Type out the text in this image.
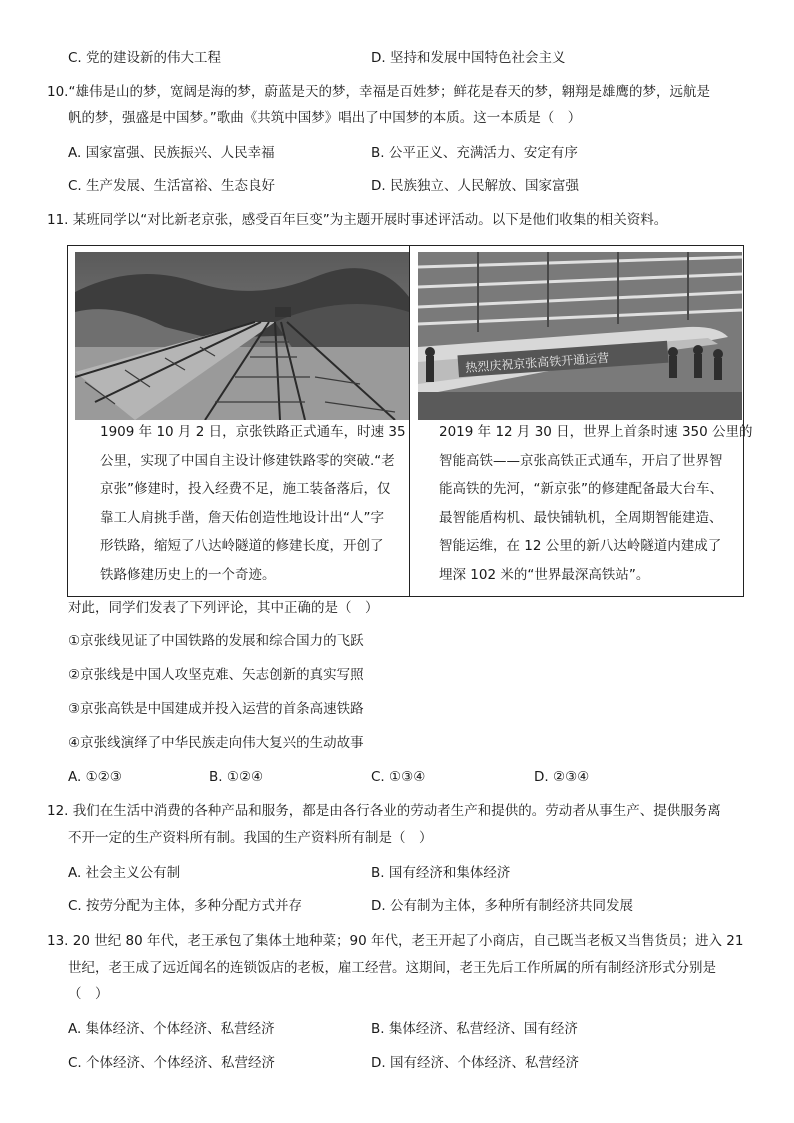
C. 党的建设新的伟大工程	D. 坚持和发展中国特色社会主义
10.“雄伟是山的梦，宽阔是海的梦，蔚蓝是天的梦，幸福是百姓梦；鲜花是春天的梦，翱翔是雄鹰的梦，远航是
帆的梦，强盛是中国梦。”歌曲《共筑中国梦》唱出了中国梦的本质。这一本质是（　）
A. 国家富强、民族振兴、人民幸福	B. 公平正义、充满活力、安定有序
C. 生产发展、生活富裕、生态良好	D. 民族独立、人民解放、国家富强
11. 某班同学以“对比新老京张，感受百年巨变”为主题开展时事述评活动。以下是他们收集的相关资料。
热烈庆祝京张高铁开通运营
1909 年 10 月 2 日，京张铁路正式通车，时速 35
公里，实现了中国自主设计修建铁路零的突破.“老
京张”修建时，投入经费不足，施工装备落后，仅
靠工人肩挑手凿，詹天佑创造性地设计出“人”字
形铁路，缩短了八达岭隧道的修建长度，开创了
铁路修建历史上的一个奇迹。
2019 年 12 月 30 日，世界上首条时速 350 公里的
智能高铁——京张高铁正式通车，开启了世界智
能高铁的先河，“新京张”的修建配备最大台车、
最智能盾构机、最快铺轨机，全周期智能建造、
智能运维，在 12 公里的新八达岭隧道内建成了
埋深 102 米的“世界最深高铁站”。
对此，同学们发表了下列评论，其中正确的是（　）
①京张线见证了中国铁路的发展和综合国力的飞跃
②京张线是中国人攻坚克难、矢志创新的真实写照
③京张高铁是中国建成并投入运营的首条高速铁路
④京张线演绎了中华民族走向伟大复兴的生动故事
A. ①②③	B. ①②④	C. ①③④	D. ②③④
12. 我们在生活中消费的各种产品和服务，都是由各行各业的劳动者生产和提供的。劳动者从事生产、提供服务离
不开一定的生产资料所有制。我国的生产资料所有制是（　）
A. 社会主义公有制	B. 国有经济和集体经济
C. 按劳分配为主体，多种分配方式并存	D. 公有制为主体，多种所有制经济共同发展
13. 20 世纪 80 年代，老王承包了集体土地种菜；90 年代，老王开起了小商店，自己既当老板又当售货员；进入 21
世纪，老王成了远近闻名的连锁饭店的老板，雇工经营。这期间，老王先后工作所属的所有制经济形式分别是
（　）
A. 集体经济、个体经济、私营经济	B. 集体经济、私营经济、国有经济
C. 个体经济、个体经济、私营经济	D. 国有经济、个体经济、私营经济
